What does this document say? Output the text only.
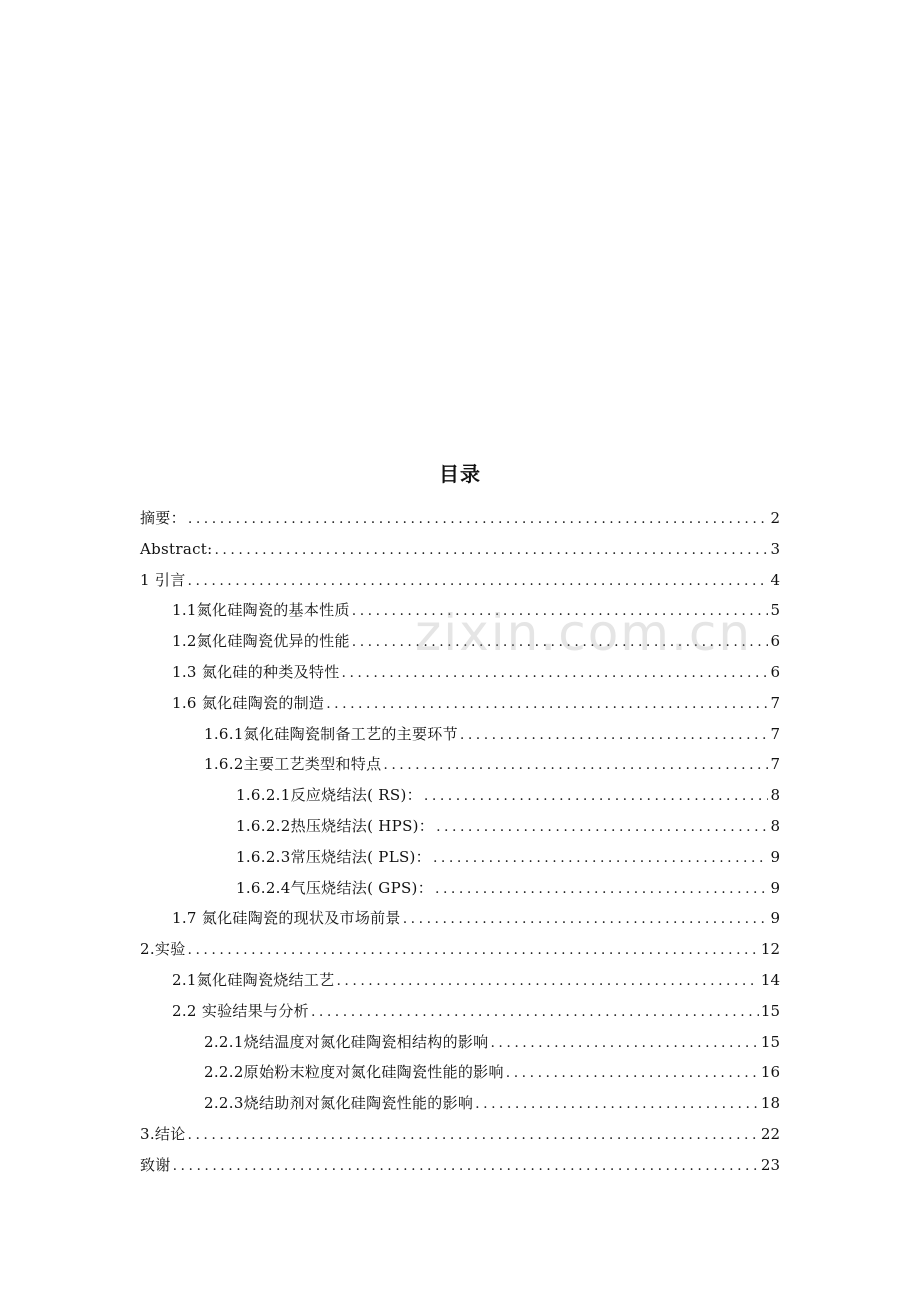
目录
摘要： .....	2
Abstract: .....	3
1 引言 .....	4
1.1氮化硅陶瓷的基本性质 .....	5
1.2氮化硅陶瓷优异的性能 .....	6
1.3 氮化硅的种类及特性 .....	6
1.6 氮化硅陶瓷的制造 .....	7
1.6.1氮化硅陶瓷制备工艺的主要环节 .....	7
1.6.2主要工艺类型和特点 .....	7
1.6.2.1反应烧结法( RS)： .....	8
1.6.2.2热压烧结法( HPS)： .....	8
1.6.2.3常压烧结法( PLS)： .....	9
1.6.2.4气压烧结法( GPS)： .....	9
1.7 氮化硅陶瓷的现状及市场前景 .....	9
2.实验 .....	12
2.1氮化硅陶瓷烧结工艺 .....	14
2.2 实验结果与分析 .....	15
2.2.1烧结温度对氮化硅陶瓷相结构的影响 .....	15
2.2.2原始粉末粒度对氮化硅陶瓷性能的影响 .....	16
2.2.3烧结助剂对氮化硅陶瓷性能的影响 .....	18
3.结论 .....	22
致谢 .....	23
zixin.com.cn
